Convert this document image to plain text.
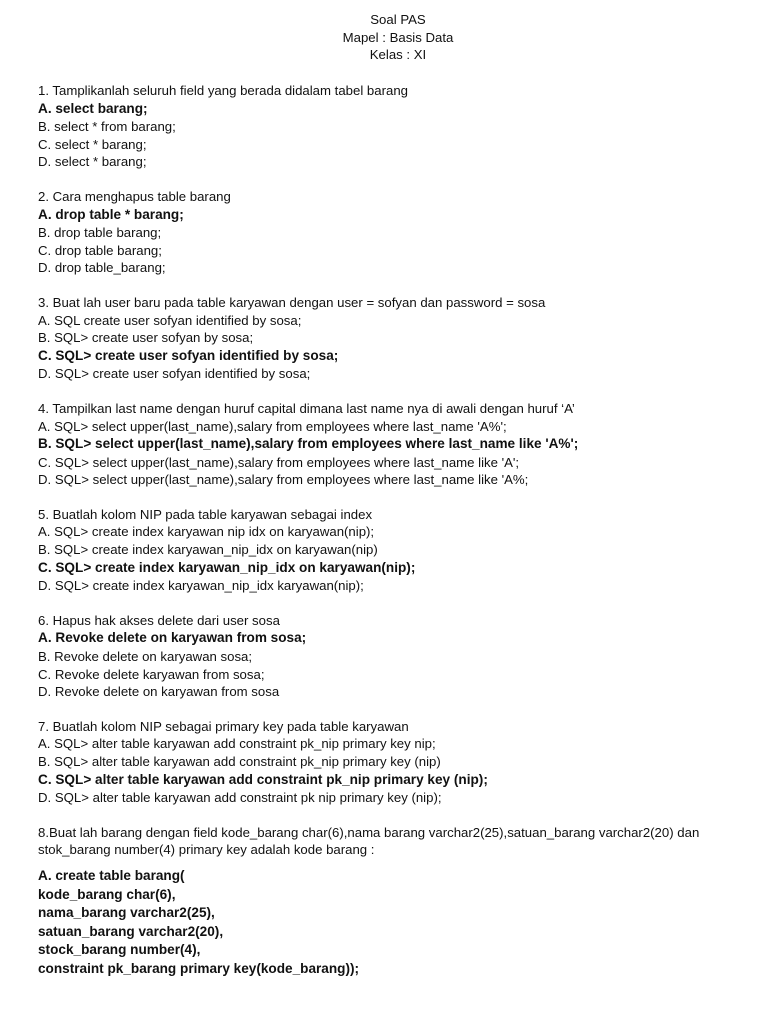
Soal PAS
Mapel : Basis Data
Kelas : XI
1. Tamplikanlah seluruh field yang berada didalam tabel barang
A. select barang;
B. select * from barang;
C. select * barang;
D. select * barang;
2. Cara menghapus table barang
A. drop table * barang;
B. drop table barang;
C. drop table barang;
D. drop table_barang;
3. Buat lah user baru pada table karyawan dengan user = sofyan dan password = sosa
A. SQL create user sofyan identified by sosa;
B. SQL> create user sofyan by sosa;
C. SQL> create user sofyan identified by sosa;
D. SQL> create user sofyan identified by sosa;
4. Tampilkan last name dengan huruf capital dimana last name nya di awali dengan huruf ‘A’
A. SQL> select upper(last_name),salary from employees where last_name 'A%';
B. SQL> select upper(last_name),salary from employees where last_name like 'A%';
C. SQL> select upper(last_name),salary from employees where last_name like 'A';
D. SQL> select upper(last_name),salary from employees where last_name like 'A%;
5. Buatlah kolom NIP pada table karyawan sebagai index
A. SQL> create index karyawan nip idx on karyawan(nip);
B. SQL> create index karyawan_nip_idx on karyawan(nip)
C. SQL> create index karyawan_nip_idx on karyawan(nip);
D. SQL> create index karyawan_nip_idx karyawan(nip);
6. Hapus hak akses delete dari user sosa
A. Revoke delete on karyawan from sosa;
B. Revoke delete on karyawan sosa;
C. Revoke delete karyawan from sosa;
D. Revoke delete on karyawan from sosa
7. Buatlah kolom NIP sebagai primary key pada table karyawan
A. SQL> alter table karyawan add constraint pk_nip primary key nip;
B. SQL> alter table karyawan add constraint pk_nip primary key (nip)
C. SQL> alter table karyawan add constraint pk_nip primary key (nip);
D. SQL> alter table karyawan add constraint pk nip primary key (nip);
8.Buat lah barang dengan field kode_barang char(6),nama barang varchar2(25),satuan_barang varchar2(20) dan stok_barang number(4) primary key adalah kode barang :
A. create table barang(
kode_barang char(6),
nama_barang varchar2(25),
satuan_barang varchar2(20),
stock_barang number(4),
constraint pk_barang primary key(kode_barang));
